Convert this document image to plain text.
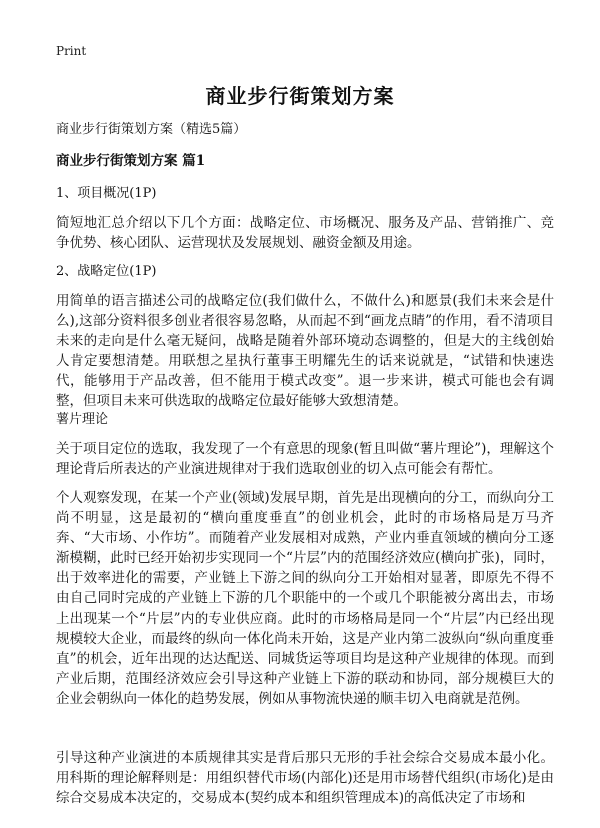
Print
商业步行街策划方案
商业步行街策划方案（精选5篇）
商业步行街策划方案 篇1
1、项目概况(1P)

简短地汇总介绍以下几个方面：战略定位、市场概况、服务及产品、营销推广、竞争优势、核心团队、运营现状及发展规划、融资金额及用途。

2、战略定位(1P)

用简单的语言描述公司的战略定位(我们做什么，不做什么)和愿景(我们未来会是什么),这部分资料很多创业者很容易忽略，从而起不到“画龙点睛”的作用，看不清项目未来的走向是什么毫无疑问，战略是随着外部环境动态调整的，但是大的主线创始人肯定要想清楚。用联想之星执行董事王明耀先生的话来说就是，“试错和快速迭代，能够用于产品改善，但不能用于模式改变”。退一步来讲，模式可能也会有调整，但项目未来可供选取的战略定位最好能够大致想清楚。

薯片理论

关于项目定位的选取，我发现了一个有意思的现象(暂且叫做“薯片理论”)，理解这个理论背后所表达的产业演进规律对于我们选取创业的切入点可能会有帮忙。

个人观察发现，在某一个产业(领域)发展早期，首先是出现横向的分工，而纵向分工尚不明显，这是最初的“横向重度垂直”的创业机会，此时的市场格局是万马齐奔、“大市场、小作坊”。而随着产业发展相对成熟，产业内垂直领域的横向分工逐渐模糊，此时已经开始初步实现同一个“片层”内的范围经济效应(横向扩张)，同时，出于效率进化的需要，产业链上下游之间的纵向分工开始相对显著，即原先不得不由自己同时完成的产业链上下游的几个职能中的一个或几个职能被分离出去，市场上出现某一个“片层”内的专业供应商。此时的市场格局是同一个“片层”内已经出现规模较大企业，而最终的纵向一体化尚未开始，这是产业内第二波纵向“纵向重度垂直”的机会，近年出现的达达配送、同城货运等项目均是这种产业规律的体现。而到产业后期，范围经济效应会引导这种产业链上下游的联动和协同，部分规模巨大的企业会朝纵向一体化的趋势发展，例如从事物流快递的顺丰切入电商就是范例。

引导这种产业演进的本质规律其实是背后那只无形的手社会综合交易成本最小化。用科斯的理论解释则是：用组织替代市场(内部化)还是用市场替代组织(市场化)是由综合交易成本决定的，交易成本(契约成本和组织管理成本)的高低决定了市场和
